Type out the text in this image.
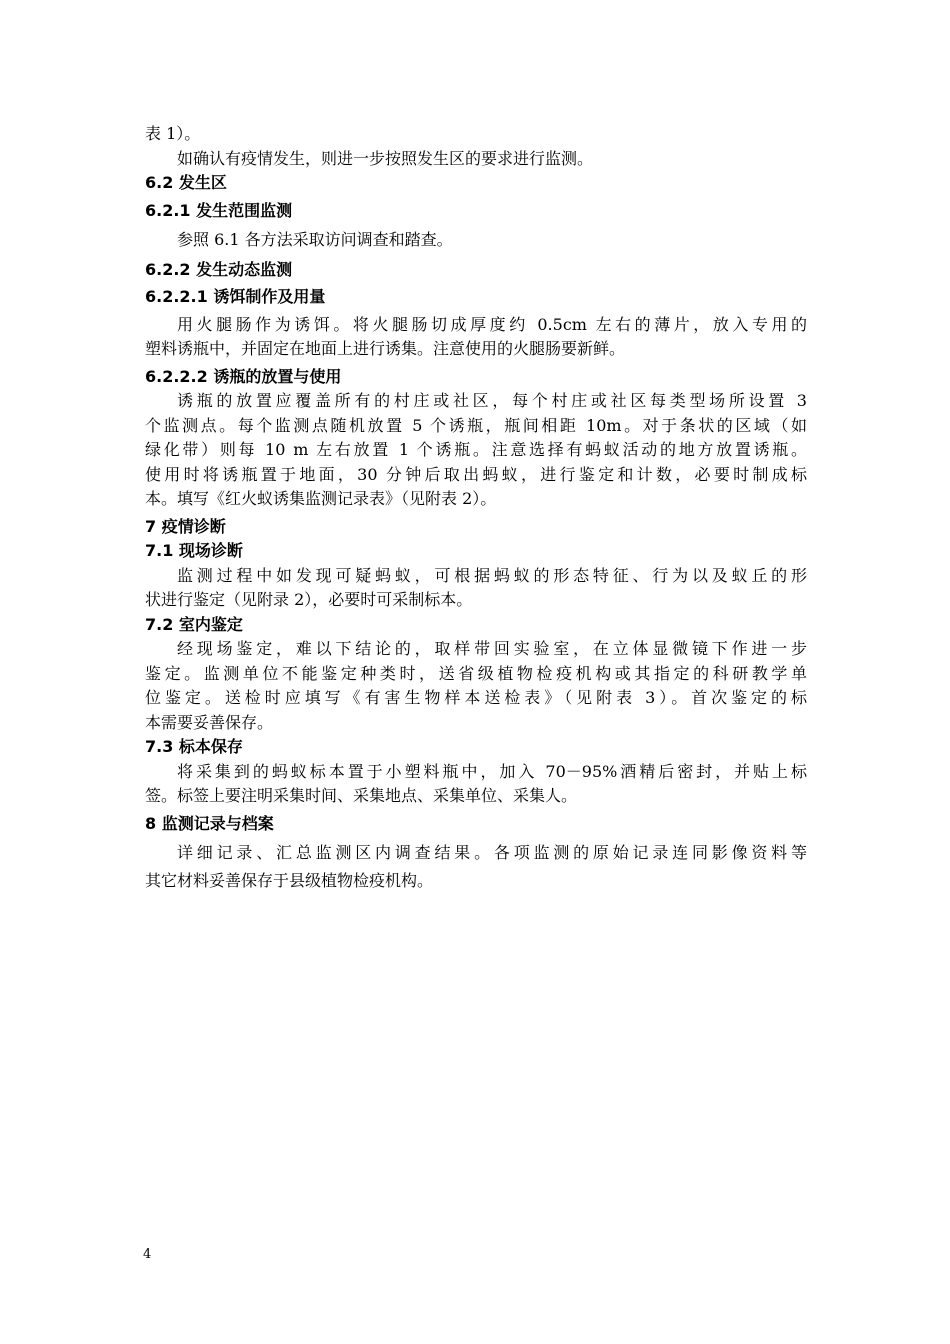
表 1）。

如确认有疫情发生，则进一步按照发生区的要求进行监测。

6.2 发生区

6.2.1 发生范围监测

参照 6.1 各方法采取访问调查和踏查。

6.2.2 发生动态监测

6.2.2.1 诱饵制作及用量

用火腿肠作为诱饵。将火腿肠切成厚度约 0.5cm 左右的薄片，放入专用的

塑料诱瓶中，并固定在地面上进行诱集。注意使用的火腿肠要新鲜。

6.2.2.2 诱瓶的放置与使用

诱瓶的放置应覆盖所有的村庄或社区，每个村庄或社区每类型场所设置 3

个监测点。每个监测点随机放置 5 个诱瓶，瓶间相距 10m。对于条状的区域（如

绿化带）则每 10 m 左右放置 1 个诱瓶。注意选择有蚂蚁活动的地方放置诱瓶。

使用时将诱瓶置于地面，30 分钟后取出蚂蚁，进行鉴定和计数，必要时制成标

本。填写《红火蚁诱集监测记录表》（见附表 2）。

7 疫情诊断

7.1 现场诊断

监测过程中如发现可疑蚂蚁，可根据蚂蚁的形态特征、行为以及蚁丘的形

状进行鉴定（见附录 2），必要时可采制标本。

7.2 室内鉴定

经现场鉴定，难以下结论的，取样带回实验室，在立体显微镜下作进一步

鉴定。监测单位不能鉴定种类时，送省级植物检疫机构或其指定的科研教学单

位鉴定。送检时应填写《有害生物样本送检表》（见附表 3）。首次鉴定的标

本需要妥善保存。

7.3 标本保存

将采集到的蚂蚁标本置于小塑料瓶中，加入 70－95%酒精后密封，并贴上标

签。标签上要注明采集时间、采集地点、采集单位、采集人。

8 监测记录与档案

详细记录、汇总监测区内调查结果。各项监测的原始记录连同影像资料等

其它材料妥善保存于县级植物检疫机构。

4
